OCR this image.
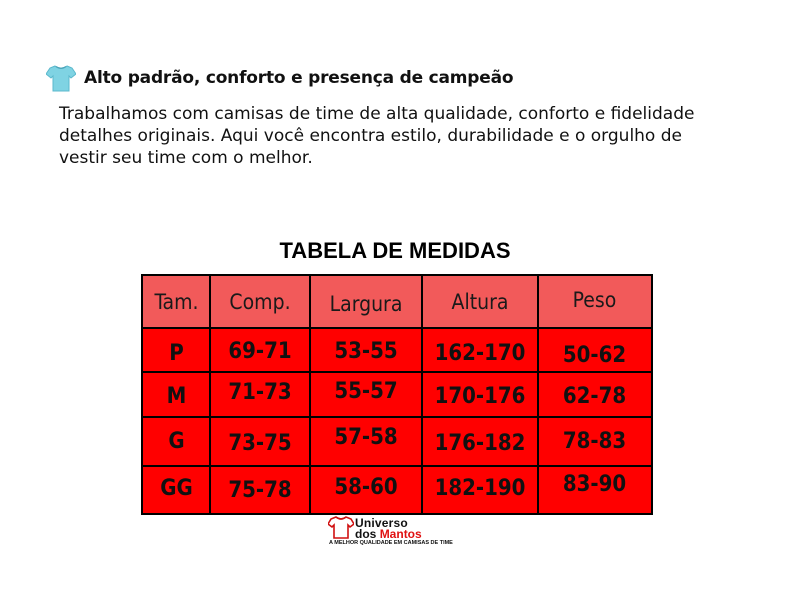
Alto padrão, conforto e presença de campeão
Trabalhamos com camisas de time de alta qualidade, conforto e fidelidade
detalhes originais. Aqui você encontra estilo, durabilidade e o orgulho de
vestir seu time com o melhor.
TABELA DE MEDIDAS
Tam.	Comp.	Largura	Altura	Peso
P	69-71	53-55	162-170	50-62
M	71-73	55-57	170-176	62-78
G	73-75	57-58	176-182	78-83
GG	75-78	58-60	182-190	83-90
Universo
dos Mantos
A MELHOR QUALIDADE EM CAMISAS DE TIME
